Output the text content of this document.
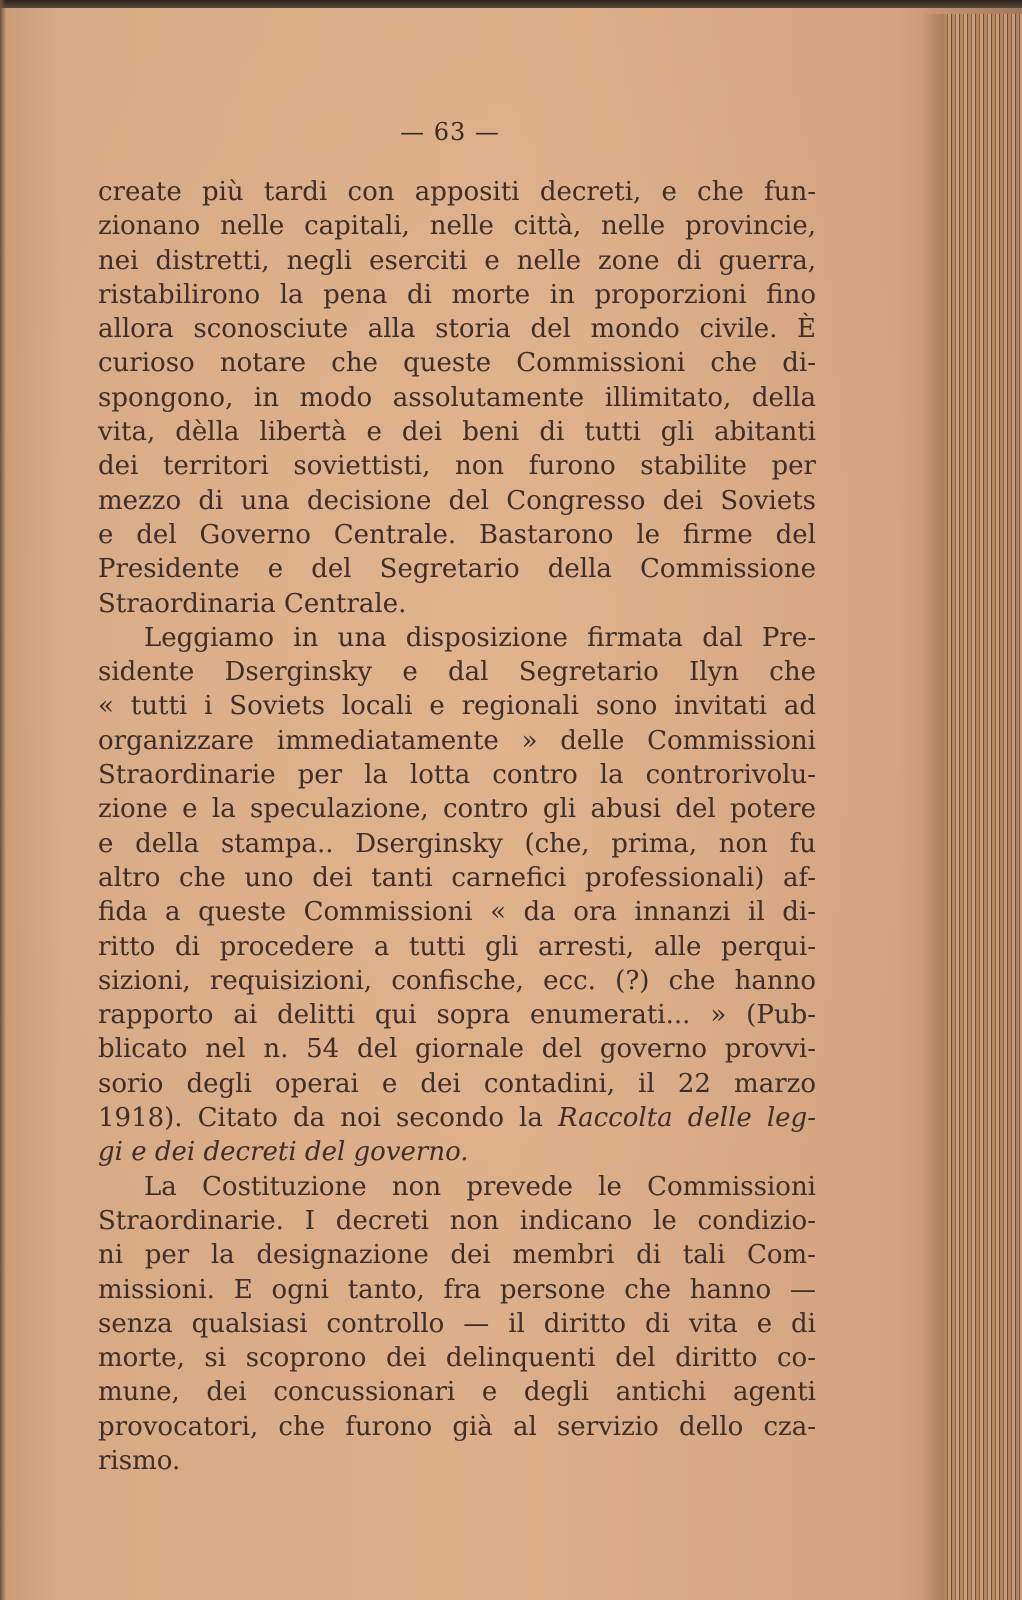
— 63 —
create più tardi con appositi decreti, e che fun-
zionano nelle capitali, nelle città, nelle provincie,
nei distretti, negli eserciti e nelle zone di guerra,
ristabilirono la pena di morte in proporzioni fino
allora sconosciute alla storia del mondo civile. È
curioso notare che queste Commissioni che di-
spongono, in modo assolutamente illimitato, della
vita, dèlla libertà e dei beni di tutti gli abitanti
dei territori soviettisti, non furono stabilite per
mezzo di una decisione del Congresso dei Soviets
e del Governo Centrale. Bastarono le firme del
Presidente e del Segretario della Commissione
Straordinaria Centrale.
Leggiamo in una disposizione firmata dal Pre-
sidente Dserginsky e dal Segretario Ilyn che
« tutti i Soviets locali e regionali sono invitati ad
organizzare immediatamente » delle Commissioni
Straordinarie per la lotta contro la controrivolu-
zione e la speculazione, contro gli abusi del potere
e della stampa.. Dserginsky (che, prima, non fu
altro che uno dei tanti carnefici professionali) af-
fida a queste Commissioni « da ora innanzi il di-
ritto di procedere a tutti gli arresti, alle perqui-
sizioni, requisizioni, confische, ecc. (?) che hanno
rapporto ai delitti qui sopra enumerati... » (Pub-
blicato nel n. 54 del giornale del governo provvi-
sorio degli operai e dei contadini, il 22 marzo
1918). Citato da noi secondo la Raccolta delle leg-
gi e dei decreti del governo.
La Costituzione non prevede le Commissioni
Straordinarie. I decreti non indicano le condizio-
ni per la designazione dei membri di tali Com-
missioni. E ogni tanto, fra persone che hanno —
senza qualsiasi controllo — il diritto di vita e di
morte, si scoprono dei delinquenti del diritto co-
mune, dei concussionari e degli antichi agenti
provocatori, che furono già al servizio dello cza-
rismo.
